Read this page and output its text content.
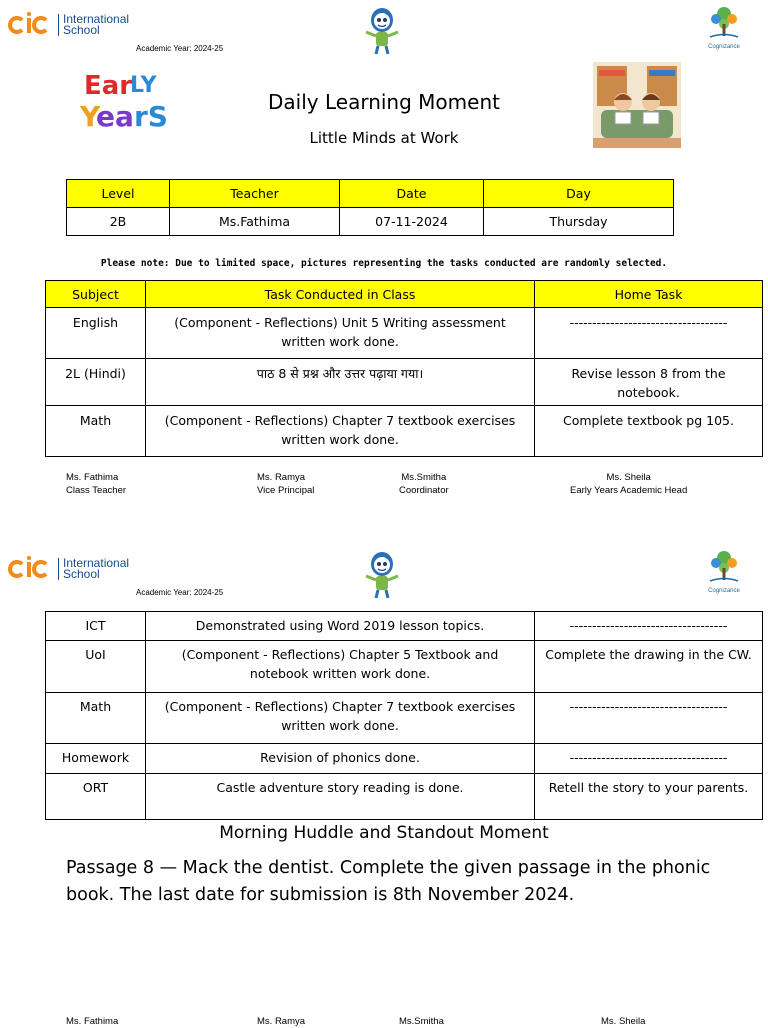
International
School
Academic Year: 2024-25	Cognizance
Ear
LY
ea rS
Y	Daily Learning Moment
Little Minds at Work
Level	Teacher	Date	Day
2B	Ms.Fathima	07-11-2024	Thursday
Please note: Due to limited space, pictures representing the tasks conducted are randomly selected.
Subject	Task Conducted in Class	Home Task
English	(Component - Reflections) Unit 5 Writing assessment written work done.	-----------------------------------
2L (Hindi)	पाठ 8 से प्रश्न और उत्तर पढ़ाया गया।	Revise lesson 8 from the notebook.
Math	(Component - Reflections) Chapter 7 textbook exercises written work done.	Complete textbook pg 105.
Ms. Fathima
Class Teacher
Ms. Ramya
Vice Principal
Ms.Smitha
Coordinator
Ms. Sheila
Early Years Academic Head
International
School
Academic Year: 2024-25	Cognizance
ICT	Demonstrated using Word 2019 lesson topics.	-----------------------------------
UoI	(Component - Reflections) Chapter 5 Textbook and notebook written work done.	Complete the drawing in the CW.
Math	(Component - Reflections) Chapter 7 textbook exercises written work done.	-----------------------------------
Homework	Revision of phonics done.	-----------------------------------
ORT	Castle adventure story reading is done.	Retell the story to your parents.
Morning Huddle and Standout Moment
Passage 8 — Mack the dentist. Complete the given passage in the phonic book. The last date for submission is 8th November 2024.
Ms. Fathima	Ms. Ramya	Ms.Smitha	Ms. Sheila
